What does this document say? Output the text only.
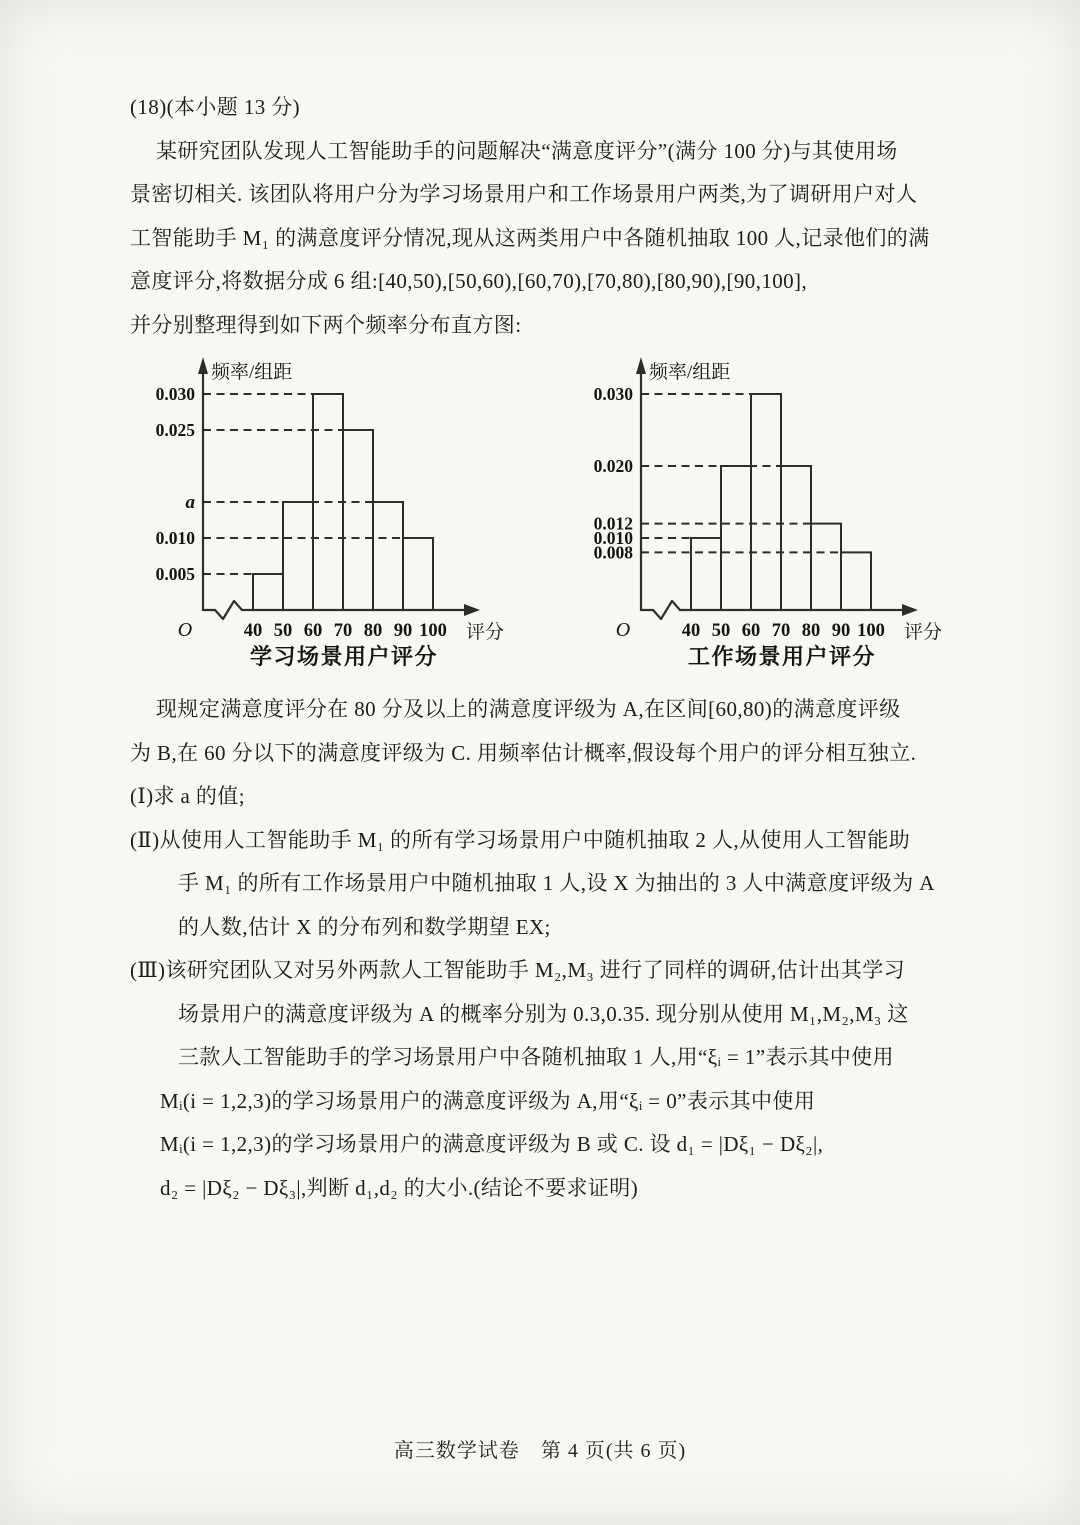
(18)(本小题 13 分)
某研究团队发现人工智能助手的问题解决“满意度评分”(满分 100 分)与其使用场
景密切相关. 该团队将用户分为学习场景用户和工作场景用户两类,为了调研用户对人
工智能助手 M₁ 的满意度评分情况,现从这两类用户中各随机抽取 100 人,记录他们的满
意度评分,将数据分成 6 组:[40,50),[50,60),[60,70),[70,80),[80,90),[90,100],
并分别整理得到如下两个频率分布直方图:
0.030
0.025
a
0.010
0.005
40 50 60 70 80 90 100
O
频率/组距
评分
学习场景用户评分
0.030
0.020
0.012
0.010
0.008
40 50 60 70 80 90 100
O
频率/组距
评分
工作场景用户评分
现规定满意度评分在 80 分及以上的满意度评级为 A,在区间[60,80)的满意度评级
为 B,在 60 分以下的满意度评级为 C. 用频率估计概率,假设每个用户的评分相互独立.
(Ⅰ)求 a 的值;
(Ⅱ)从使用人工智能助手 M₁ 的所有学习场景用户中随机抽取 2 人,从使用人工智能助
手 M₁ 的所有工作场景用户中随机抽取 1 人,设 X 为抽出的 3 人中满意度评级为 A
的人数,估计 X 的分布列和数学期望 EX;
(Ⅲ)该研究团队又对另外两款人工智能助手 M₂,M₃ 进行了同样的调研,估计出其学习
场景用户的满意度评级为 A 的概率分别为 0.3,0.35. 现分别从使用 M₁,M₂,M₃ 这
三款人工智能助手的学习场景用户中各随机抽取 1 人,用“ξᵢ = 1”表示其中使用
Mᵢ(i = 1,2,3)的学习场景用户的满意度评级为 A,用“ξᵢ = 0”表示其中使用
Mᵢ(i = 1,2,3)的学习场景用户的满意度评级为 B 或 C. 设 d₁ = |Dξ₁ − Dξ₂|,
d₂ = |Dξ₂ − Dξ₃|,判断 d₁,d₂ 的大小.(结论不要求证明)
高三数学试卷　第 4 页(共 6 页)
